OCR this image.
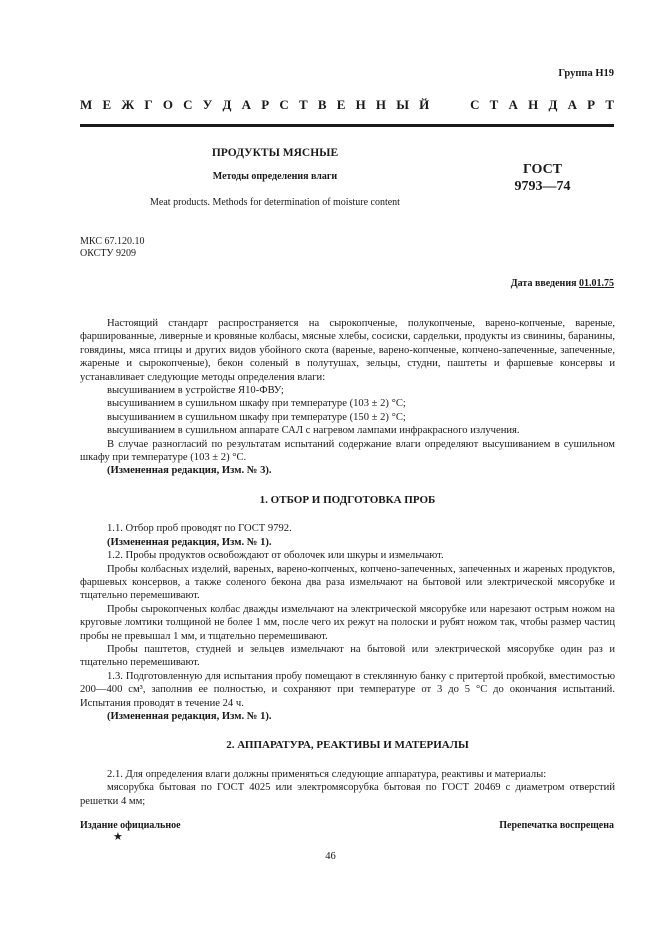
Группа Н19
М Е Ж Г О С У Д А Р С Т В Е Н Н Ы Й    С Т А Н Д А Р Т
ПРОДУКТЫ МЯСНЫЕ
Методы определения влаги
Meat products. Methods for determination of moisture content
ГОСТ
9793—74
МКС 67.120.10
ОКСТУ 9209
Дата введения 01.01.75

Настоящий стандарт распространяется на сырокопченые, полукопченые, варено-копченые, вареные, фаршированные, ливерные и кровяные колбасы, мясные хлебы, сосиски, сардельки, продукты из свинины, баранины, говядины, мяса птицы и других видов убойного скота (вареные, варено-копченые, копчено-запеченные, запеченные, жареные и сырокопченые), бекон соленый в полутушах, зельцы, студни, паштеты и фаршевые консервы и устанавливает следующие методы определения влаги:

высушиванием в устройстве Я10-ФВУ;

высушиванием в сушильном шкафу при температуре (103 ± 2) °С;

высушиванием в сушильном шкафу при температуре (150 ± 2) °С;

высушиванием в сушильном аппарате САЛ с нагревом лампами инфракрасного излучения.

В случае разногласий по результатам испытаний содержание влаги определяют высушиванием в сушильном шкафу при температуре (103 ± 2) °С.

(Измененная редакция, Изм. № 3).

1. ОТБОР И ПОДГОТОВКА ПРОБ

1.1. Отбор проб проводят по ГОСТ 9792.

(Измененная редакция, Изм. № 1).

1.2. Пробы продуктов освобождают от оболочек или шкуры и измельчают.

Пробы колбасных изделий, вареных, варено-копченых, копчено-запеченных, запеченных и жареных продуктов, фаршевых консервов, а также соленого бекона два раза измельчают на бытовой или электрической мясорубке и тщательно перемешивают.

Пробы сырокопченых колбас дважды измельчают на электрической мясорубке или нарезают острым ножом на круговые ломтики толщиной не более 1 мм, после чего их режут на полоски и рубят ножом так, чтобы размер частиц пробы не превышал 1 мм, и тщательно перемешивают.

Пробы паштетов, студней и зельцев измельчают на бытовой или электрической мясорубке один раз и тщательно перемешивают.

1.3. Подготовленную для испытания пробу помещают в стеклянную банку с притертой пробкой, вместимостью 200—400 см³, заполнив ее полностью, и сохраняют при температуре от 3 до 5 °С до окончания испытаний. Испытания проводят в течение 24 ч.

(Измененная редакция, Изм. № 1).

2. АППАРАТУРА, РЕАКТИВЫ И МАТЕРИАЛЫ

2.1. Для определения влаги должны применяться следующие аппаратура, реактивы и материалы:

мясорубка бытовая по ГОСТ 4025 или электромясорубка бытовая по ГОСТ 20469 с диаметром отверстий решетки 4 мм;

Издание официальное	Перепечатка воспрещена
★
46
